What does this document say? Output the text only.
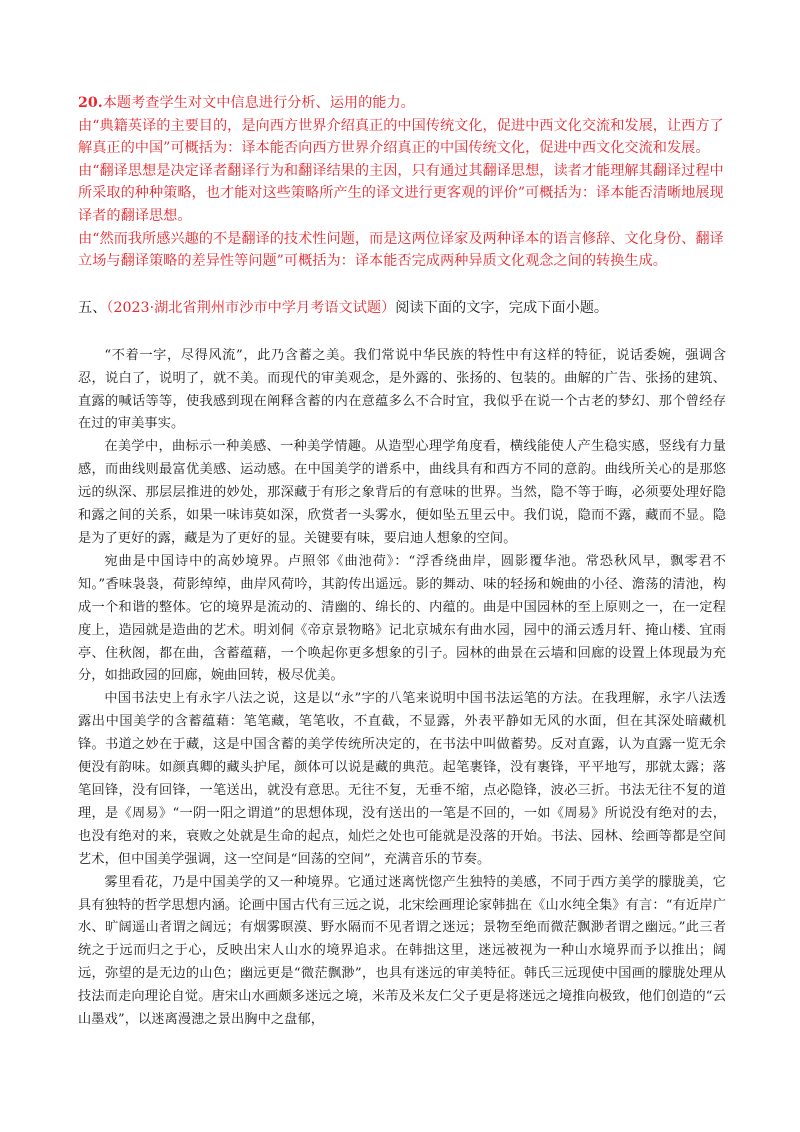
20.本题考查学生对文中信息进行分析、运用的能力。

由“典籍英译的主要目的，是向西方世界介绍真正的中国传统文化，促进中西文化交流和发展，让西方了解真正的中国”可概括为：译本能否向西方世界介绍真正的中国传统文化，促进中西文化交流和发展。

由“翻译思想是决定译者翻译行为和翻译结果的主因，只有通过其翻译思想，读者才能理解其翻译过程中所采取的种种策略，也才能对这些策略所产生的译文进行更客观的评价”可概括为：译本能否清晰地展现译者的翻译思想。

由“然而我所感兴趣的不是翻译的技术性问题，而是这两位译家及两种译本的语言修辞、文化身份、翻译立场与翻译策略的差异性等问题”可概括为：译本能否完成两种异质文化观念之间的转换生成。

五、（2023·湖北省荆州市沙市中学月考语文试题）阅读下面的文字，完成下面小题。

“不着一字，尽得风流”，此乃含蓄之美。我们常说中华民族的特性中有这样的特征，说话委婉，强调含忍，说白了，说明了，就不美。而现代的审美观念，是外露的、张扬的、包装的。曲解的广告、张扬的建筑、直露的喊话等等，使我感到现在阐释含蓄的内在意蕴多么不合时宜，我似乎在说一个古老的梦幻、那个曾经存在过的审美事实。

在美学中，曲标示一种美感、一种美学情趣。从造型心理学角度看，横线能使人产生稳实感，竖线有力量感，而曲线则最富优美感、运动感。在中国美学的谱系中，曲线具有和西方不同的意韵。曲线所关心的是那悠远的纵深、那层层推进的妙处，那深藏于有形之象背后的有意味的世界。当然，隐不等于晦，必须要处理好隐和露之间的关系，如果一味讳莫如深，欣赏者一头雾水，便如坠五里云中。我们说，隐而不露，藏而不显。隐是为了更好的露，藏是为了更好的显。关键要有味，要启迪人想象的空间。

宛曲是中国诗中的高妙境界。卢照邻《曲池荷》：“浮香绕曲岸，圆影覆华池。常恐秋风早，飘零君不知。”香味袅袅，荷影绰绰，曲岸风荷吟，其韵传出遥远。影的舞动、味的轻扬和婉曲的小径、澹荡的清池，构成一个和谐的整体。它的境界是流动的、清幽的、绵长的、内蕴的。曲是中国园林的至上原则之一，在一定程度上，造园就是造曲的艺术。明刘侗《帝京景物略》记北京城东有曲水园，园中的涌云透月轩、掩山楼、宜雨亭、住秋阁，都在曲，含蓄蕴藉，一个唤起你更多想象的引子。园林的曲景在云墙和回廊的设置上体现最为充分，如拙政园的回廊，婉曲回转，极尽优美。

中国书法史上有永字八法之说，这是以“永”字的八笔来说明中国书法运笔的方法。在我理解，永字八法透露出中国美学的含蓄蕴藉：笔笔藏，笔笔收，不直截，不显露，外表平静如无风的水面，但在其深处暗藏机锋。书道之妙在于藏，这是中国含蓄的美学传统所决定的，在书法中叫做蓄势。反对直露，认为直露一览无余便没有韵味。如颜真卿的藏头护尾，颜体可以说是藏的典范。起笔裹锋，没有裹锋，平平地写，那就太露；落笔回锋，没有回锋，一笔送出，就没有意思。无往不复，无垂不缩，点必隐锋，波必三折。书法无往不复的道理，是《周易》“一阴一阳之谓道”的思想体现，没有送出的一笔是不回的，一如《周易》所说没有绝对的去，也没有绝对的来，衰败之处就是生命的起点，灿烂之处也可能就是没落的开始。书法、园林、绘画等都是空间艺术，但中国美学强调，这一空间是“回荡的空间”，充满音乐的节奏。

雾里看花，乃是中国美学的又一种境界。它通过迷离恍惚产生独特的美感，不同于西方美学的朦胧美，它具有独特的哲学思想内涵。论画中国古代有三远之说，北宋绘画理论家韩拙在《山水纯全集》有言：“有近岸广水、旷阔遥山者谓之阔远；有烟雾暝漠、野水隔而不见者谓之迷远；景物至绝而微茫飘渺者谓之幽远。”此三者统之于远而归之于心，反映出宋人山水的境界追求。在韩拙这里，迷远被视为一种山水境界而予以推出；阔远，弥望的是无边的山色；幽远更是“微茫飘渺”，也具有迷远的审美特征。韩氏三远现使中国画的朦胧处理从技法而走向理论自觉。唐宋山水画颇多迷远之境，米芾及米友仁父子更是将迷远之境推向极致，他们创造的“云山墨戏”，以迷离漫漶之景出胸中之盘郁，
